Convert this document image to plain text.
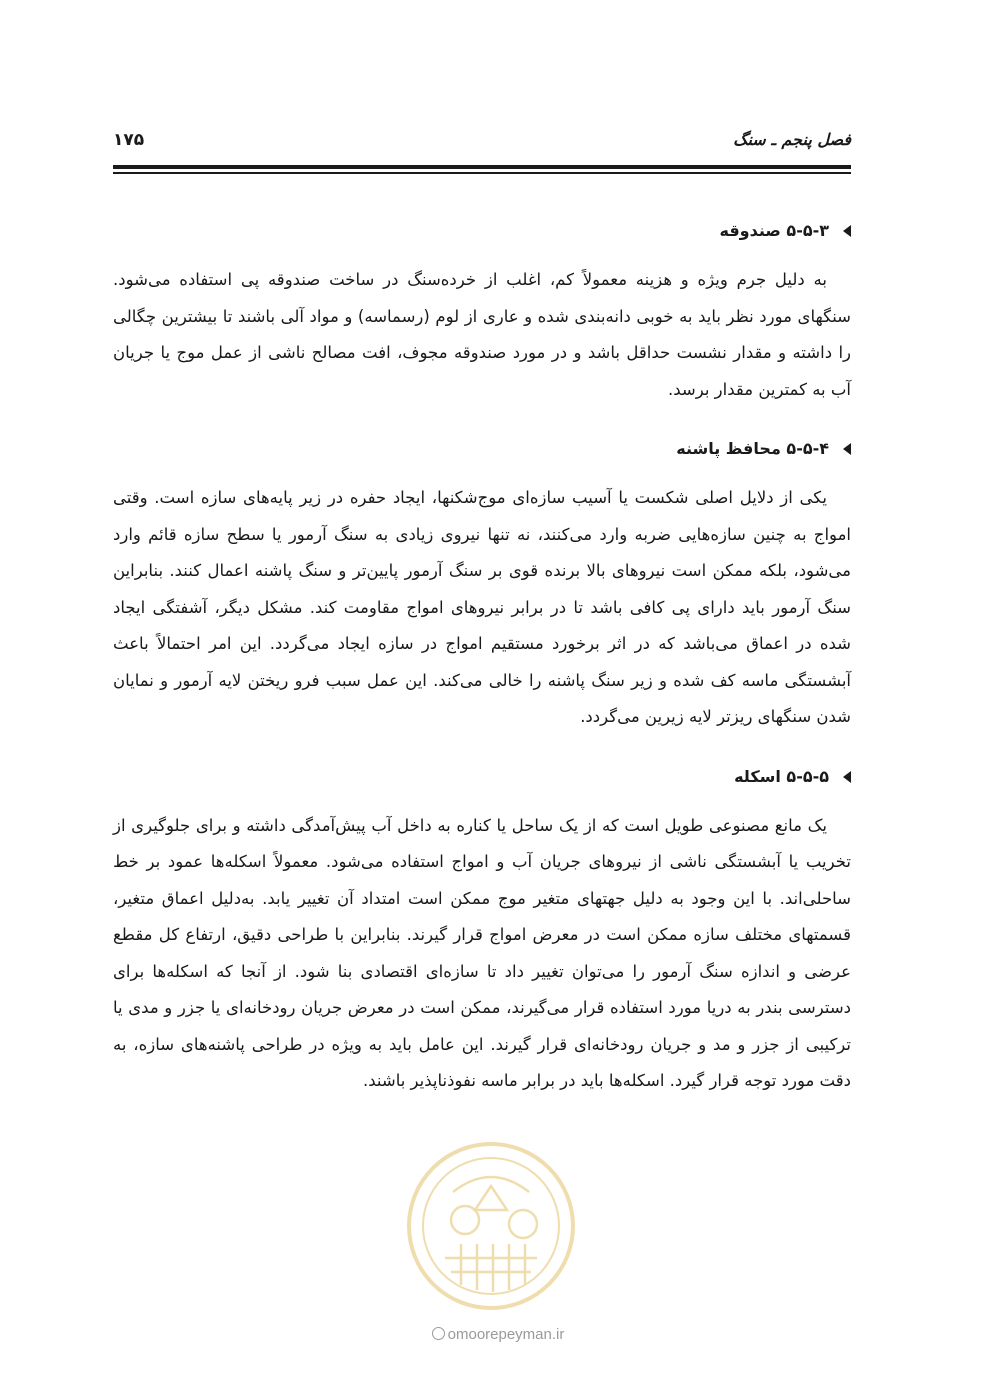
۱۷۵	فصل پنجم ـ سنگ
۵-۵-۳ صندوقه

به دلیل جرم ویژه و هزینه معمولاً کم، اغلب از خرده‌سنگ در ساخت صندوقه پی استفاده می‌شود. سنگهای مورد نظر باید به خوبی دانه‌بندی شده و عاری از لوم (رسماسه) و مواد آلی باشند تا بیشترین چگالی را داشته و مقدار نشست حداقل باشد و در مورد صندوقه مجوف، افت مصالح ناشی از عمل موج یا جریان آب به کمترین مقدار برسد.

۵-۵-۴ محافظ پاشنه

یکی از دلایل اصلی شکست یا آسیب سازه‌ای موج‌شکنها، ایجاد حفره در زیر پایه‌های سازه است. وقتی امواج به چنین سازه‌هایی ضربه وارد می‌کنند، نه تنها نیروی زیادی به سنگ آرمور یا سطح سازه قائم وارد می‌شود، بلکه ممکن است نیروهای بالا برنده قوی بر سنگ آرمور پایین‌تر و سنگ پاشنه اعمال کنند. بنابراین سنگ آرمور باید دارای پی کافی باشد تا در برابر نیروهای امواج مقاومت کند. مشکل دیگر، آشفتگی ایجاد شده در اعماق می‌باشد که در اثر برخورد مستقیم امواج در سازه ایجاد می‌گردد. این امر احتمالاً باعث آبشستگی ماسه کف شده و زیر سنگ پاشنه را خالی می‌کند. این عمل سبب فرو ریختن لایه آرمور و نمایان شدن سنگهای ریزتر لایه زیرین می‌گردد.

۵-۵-۵ اسکله

یک مانع مصنوعی طویل است که از یک ساحل یا کناره به داخل آب پیش‌آمدگی داشته و برای جلوگیری از تخریب یا آبشستگی ناشی از نیروهای جریان آب و امواج استفاده می‌شود. معمولاً اسکله‌ها عمود بر خط ساحلی‌اند. با این وجود به دلیل جهتهای متغیر موج ممکن است امتداد آن تغییر یابد. به‌دلیل اعماق متغیر، قسمتهای مختلف سازه ممکن است در معرض امواج قرار گیرند. بنابراین با طراحی دقیق، ارتفاع کل مقطع عرضی و اندازه سنگ آرمور را می‌توان تغییر داد تا سازه‌ای اقتصادی بنا شود. از آنجا که اسکله‌ها برای دسترسی بندر به دریا مورد استفاده قرار می‌گیرند، ممکن است در معرض جریان رودخانه‌ای یا جزر و مدی یا ترکیبی از جزر و مد و جریان رودخانه‌ای قرار گیرند. این عامل باید به ویژه در طراحی پاشنه‌های سازه، به دقت مورد توجه قرار گیرد. اسکله‌ها باید در برابر ماسه نفوذناپذیر باشند.

omoorepeyman.ir
